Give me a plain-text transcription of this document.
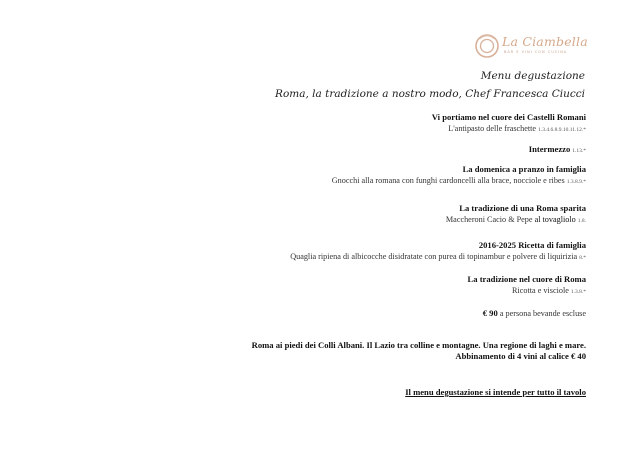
La Ciambella
BAR E VINI CON CUCINA
Menu degustazione
Roma, la tradizione a nostro modo, Chef Francesca Ciucci
Vi portiamo nel cuore dei Castelli Romani
L'antipasto delle fraschette 1.3.4.6.8.9.10.11.12.*
Intermezzo 1.13.*
La domenica a pranzo in famiglia
Gnocchi alla romana con funghi cardoncelli alla brace, nocciole e ribes 1.3.8.9.*
La tradizione di una Roma sparita
Maccheroni Cacio & Pepe al tovagliolo 1.8.
2016-2025 Ricetta di famiglia
Quaglia ripiena di albicocche disidratate con purea di topinambur e polvere di liquirizia 8.*
La tradizione nel cuore di Roma
Ricotta e visciole 1.3.8.*
€ 90 a persona bevande escluse
Roma ai piedi dei Colli Albani. Il Lazio tra colline e montagne. Una regione di laghi e mare.
Abbinamento di 4 vini al calice € 40
Il menu degustazione si intende per tutto il tavolo
